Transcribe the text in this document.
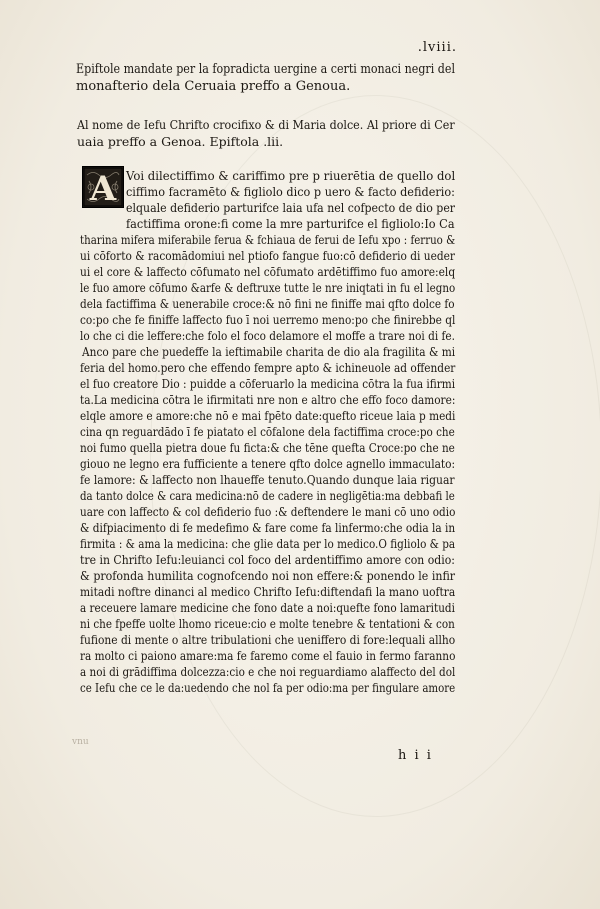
.lviii.
Epiftole mandate per la fopradicta uergine a certi monaci negri del
monafterio dela Ceruaia preffo a Genoua.
Al nome de Iefu Chrifto crocifixo & di Maria dolce. Al priore di Cer
uaia preffo a Genoa. Epiftola .lii.
A Voi dilectiffimo & cariffimo pre p riuerētia de quello dol
ciffimo facramēto & figliolo dico p uero & facto defiderio:
elquale defiderio parturifce laia ufa nel cofpecto de dio per
factiffima orone:fi come la mre parturifce el figliolo:Io Ca
tharina mifera miferabile ferua & fchiaua de ferui de Iefu xpo : ferruo &
ui cōforto & racomādomiui nel ptiofo fangue fuo:cō defiderio di ueder
ui el core & laffecto cōfumato nel cōfumato ardētiffimo fuo amore:elq
le fuo amore cōfumo &arfe & deftruxe tutte le nre iniqtati in fu el legno
dela factiffima & uenerabile croce:& nō fini ne finiffe mai qfto dolce fo
co:po che fe finiffe laffecto fuo ī noi uerremo meno:po che finirebbe ql
lo che ci die leffere:che folo el foco delamore el moffe a trare noi di fe.
Anco pare che puedeffe la ieftimabile charita de dio ala fragilita & mi
feria del homo.pero che effendo fempre apto & ichineuole ad offender
el fuo creatore Dio : puidde a cōferuarlo la medicina cōtra la fua ifirmi
ta.La medicina cōtra le ifirmitati nre non e altro che effo foco damore:
elqle amore e amore:che nō e mai fpēto date:quefto riceue laia p medi
cina qn reguardādo ī fe piatato el cōfalone dela factiffima croce:po che
noi fumo quella pietra doue fu ficta:& che tēne quefta Croce:po che ne
giouo ne legno era fufficiente a tenere qfto dolce agnello immaculato:
fe lamore: & laffecto non lhaueffe tenuto.Quando dunque laia riguar
da tanto dolce & cara medicina:nō de cadere in negligētia:ma debbafi le
uare con laffecto & col defiderio fuo :& deftendere le mani cō uno odio
& difpiacimento di fe medefimo & fare come fa linfermo:che odia la in
firmita : & ama la medicina: che glie data per lo medico.O figliolo & pa
tre in Chrifto Iefu:leuianci col foco del ardentiffimo amore con odio:
& profonda humilita cognofcendo noi non effere:& ponendo le infir
mitadi noftre dinanci al medico Chrifto Iefu:diftendafi la mano uoftra
a receuere lamare medicine che fono date a noi:quefte fono lamaritudi
ni che fpeffe uolte lhomo riceue:cio e molte tenebre & tentationi & con
fufione di mente o altre tribulationi che ueniffero di fore:lequali allho
ra molto ci paiono amare:ma fe faremo come el fauio in fermo faranno
a noi di grādiffima dolcezza:cio e che noi reguardiamo alaffecto del dol
ce Iefu che ce le da:uedendo che nol fa per odio:ma per fingulare amore
vnu
h i i
